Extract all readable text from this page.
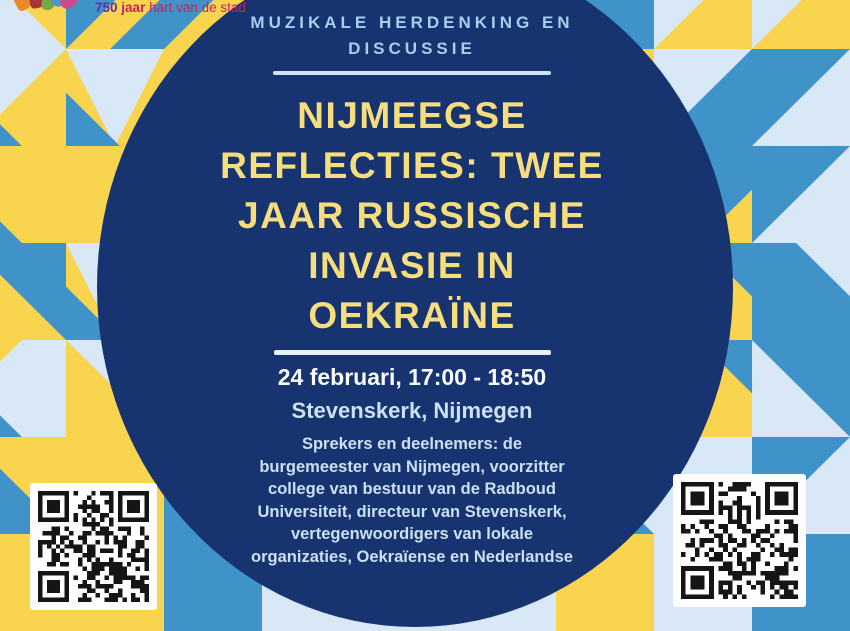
MUZIKALE HERDENKING EN
DISCUSSIE
NIJMEEGSE
REFLECTIES: TWEE
JAAR RUSSISCHE
INVASIE IN
OEKRAÏNE
24 februari, 17:00 - 18:50
Stevenskerk, Nijmegen
Sprekers en deelnemers: de
burgemeester van Nijmegen, voorzitter
college van bestuur van de Radboud
Universiteit, directeur van Stevenskerk,
vertegenwoordigers van lokale
organizaties, Oekraïense en Nederlandse
750 jaar hart van de stad
